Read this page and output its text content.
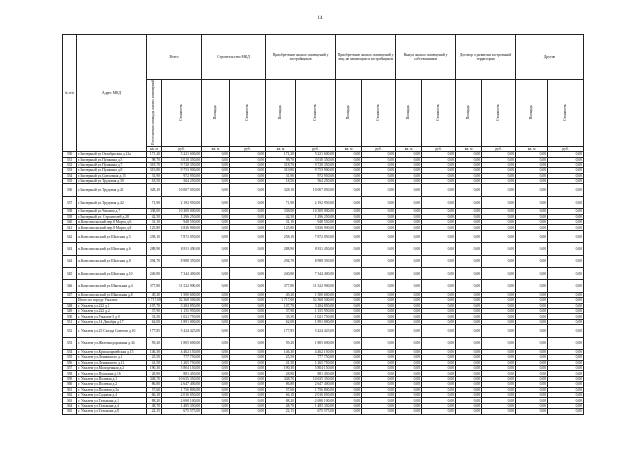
14
№ п/п	Адрес МКД	Всего		Строительство МКД		Приобретение жилых помещений у застройщиков		Приобретение жилых помещений у лиц, не являющихся застройщиком		Выкуп жилых помещений у собственников		Договор о развитии застроенной территории		Другие	
		Расселяемая площадь жилых помещений	Стоимость	Площадь	Стоимость	Площадь	Стоимость	Площадь	Стоимость	Площадь	Стоимость	Площадь	Стоимость	Площадь	Стоимость
		кв. м	руб.	кв. м	руб.	кв. м	руб.	кв. м	руб.	кв. м	руб.	кв. м	руб.	кв. м	руб.
330	г.Заозерный ул.Октябрьская д.12а	171,20	5 221 600,00	0,00	0,00	171,20	5 221 600,00	0,00	0,00	0,00	0,00	0,00	0,00	0,00	0,00
331	г.Заозерный ул.Пушкина д.5	98,70	3 010 350,00	0,00	0,00	98,70	3 010 350,00	0,00	0,00	0,00	0,00	0,00	0,00	0,00	0,00
332	г.Заозерный ул.Пушкина д.7	318,70	9 720 350,00	0,00	0,00	318,70	9 720 350,00	0,00	0,00	0,00	0,00	0,00	0,00	0,00	0,00
333	г.Заозерный ул.Пушкина д.8	319,80	9 753 900,00	0,00	0,00	319,80	9 753 900,00	0,00	0,00	0,00	0,00	0,00	0,00	0,00	0,00
334	г.Заозерный ул.Совхозная д.15	31,90	972 950,00	0,00	0,00	31,90	972 950,00	0,00	0,00	0,00	0,00	0,00	0,00	0,00	0,00
335	г.Заозерный ул.Трудовая д.39	18,50	564 250,00	0,00	0,00	18,50	564 250,00	0,00	0,00	0,00	0,00	0,00	0,00	0,00	0,00
336	г.Заозерный ул.Трудовая д.41	328,10	10 007 050,00	0,00	0,00	328,10	10 007 050,00	0,00	0,00	0,00	0,00	0,00	0,00	0,00	0,00
337	г.Заозерный ул.Трудовая д.42	71,90	2 192 950,00	0,00	0,00	71,90	2 192 950,00	0,00	0,00	0,00	0,00	0,00	0,00	0,00	0,00
338	г.Заозерный ул.Чапаева д.7	338,00	10 309 000,00	0,00	0,00	338,00	10 309 000,00	0,00	0,00	0,00	0,00	0,00	0,00	0,00	0,00
339	г.Заозерный ул. Строителей д.28	42,50	1 296 250,00	0,00	0,00	42,50	1 296 250,00	0,00	0,00	0,00	0,00	0,00	0,00	0,00	0,00
340	п.Комсомольский пер.8 Марта д.6	31,10	948 550,00	0,00	0,00	31,10	948 550,00	0,00	0,00	0,00	0,00	0,00	0,00	0,00	0,00
341	п.Комсомольский пер.8 Марта д.8	125,80	3 836 900,00	0,00	0,00	125,80	3 836 900,00	0,00	0,00	0,00	0,00	0,00	0,00	0,00	0,00
342	п.Комсомольский ул.Шахтная д.5	258,10	7 872 050,00	0,00	0,00	258,10	7 872 050,00	0,00	0,00	0,00	0,00	0,00	0,00	0,00	0,00
343	п.Комсомольский ул.Шахтная д.6	288,90	8 811 450,00	0,00	0,00	288,90	8 811 450,00	0,00	0,00	0,00	0,00	0,00	0,00	0,00	0,00
344	п.Комсомольский ул.Шахтная д.8	294,70	8 988 350,00	0,00	0,00	294,70	8 988 350,00	0,00	0,00	0,00	0,00	0,00	0,00	0,00	0,00
345	п.Комсомольский ул.Шахтная д.10	240,80	7 344 400,00	0,00	0,00	240,80	7 344 400,00	0,00	0,00	0,00	0,00	0,00	0,00	0,00	0,00
346	п.Комсомольский ул.Школьная д.4	377,80	11 522 900,00	0,00	0,00	377,80	11 522 900,00	0,00	0,00	0,00	0,00	0,00	0,00	0,00	0,00
347	п.Комсомольский ул.Школьная д.8	49,20	1 500 600,00	0,00	0,00	49,20	1 500 600,00	0,00	0,00	0,00	0,00	0,00	0,00	0,00	0,00
	Итого по городу Ужалем:	1 717,00	52 368 500,00	0,00	0,00	1 717,00	52 368 500,00	0,00	0,00	0,00	0,00	0,00	0,00	0,00	0,00
348	г. Ужалем ул.222 д.1	107,70	3 284 850,00	0,00	0,00	107,70	3 284 850,00	0,00	0,00	0,00	0,00	0,00	0,00	0,00	0,00
349	г. Ужалем ул.222 д.2	37,90	1 155 950,00	0,00	0,00	37,90	1 155 950,00	0,00	0,00	0,00	0,00	0,00	0,00	0,00	0,00
350	г. Ужалем ул.Ужалем-3 д.9	33,50	1 021 750,00	0,00	0,00	33,50	1 021 750,00	0,00	0,00	0,00	0,00	0,00	0,00	0,00	0,00
351	г. Ужалем ул.14 Декабря д.17	62,00	1 891 000,00	0,00	0,00	62,00	1 891 000,00	0,00	0,00	0,00	0,00	0,00	0,00	0,00	0,00
352	г. Ужалем ул.25 Съезда Советов д.10	177,85	5 424 425,00	0,00	0,00	177,85	5 424 425,00	0,00	0,00	0,00	0,00	0,00	0,00	0,00	0,00
353	г. Ужалем ул.Железнодорожная д.34	59,20	1 805 600,00	0,00	0,00	59,20	1 805 600,00	0,00	0,00	0,00	0,00	0,00	0,00	0,00	0,00
354	г. Ужалем ул.Красноармейская д.15	146,30	4 462 150,00	0,00	0,00	146,30	4 462 150,00	0,00	0,00	0,00	0,00	0,00	0,00	0,00	0,00
355	г. Ужалем ул.Ленинского д.1	25,50	777 750,00	0,00	0,00	25,50	777 750,00	0,00	0,00	0,00	0,00	0,00	0,00	0,00	0,00
356	г. Ужалем ул.Ленинского д.11	41,50	1 265 750,00	0,00	0,00	41,50	1 265 750,00	0,00	0,00	0,00	0,00	0,00	0,00	0,00	0,00
357	г. Ужалем ул.Молодежная д.2	190,30	5 804 150,00	0,00	0,00	190,30	5 804 150,00	0,00	0,00	0,00	0,00	0,00	0,00	0,00	0,00
358	г. Ужалем ул.Пушкина д.16	28,90	881 450,00	0,00	0,00	28,90	881 450,00	0,00	0,00	0,00	0,00	0,00	0,00	0,00	0,00
359	г. Ужалем ул.Полевая д.1	348,70	10 635 350,00	0,00	0,00	348,70	10 635 350,00	0,00	0,00	0,00	0,00	0,00	0,00	0,00	0,00
360	г. Ужалем ул.Полевая д.2	86,80	2 647 400,00	0,00	0,00	86,80	2 647 400,00	0,00	0,00	0,00	0,00	0,00	0,00	0,00	0,00
361	г. Ужалем ул.Полевая д.3а	57,60	1 756 800,00	0,00	0,00	57,60	1 756 800,00	0,00	0,00	0,00	0,00	0,00	0,00	0,00	0,00
362	г. Ужалем ул.Садовая д.4	66,10	2 016 050,00	0,00	0,00	66,10	2 016 050,00	0,00	0,00	0,00	0,00	0,00	0,00	0,00	0,00
363	г. Ужалем ул.Тельмана д.1	88,20	2 690 100,00	0,00	0,00	88,20	2 690 100,00	0,00	0,00	0,00	0,00	0,00	0,00	0,00	0,00
364	г. Ужалем ул.Тельмана д.4	48,70	1 485 350,00	0,00	0,00	48,70	1 485 350,00	0,00	0,00	0,00	0,00	0,00	0,00	0,00	0,00
365	г. Ужалем ул.Тельмана д.8	22,15	675 575,00	0,00	0,00	22,15	675 575,00	0,00	0,00	0,00	0,00	0,00	0,00	0,00	0,00
